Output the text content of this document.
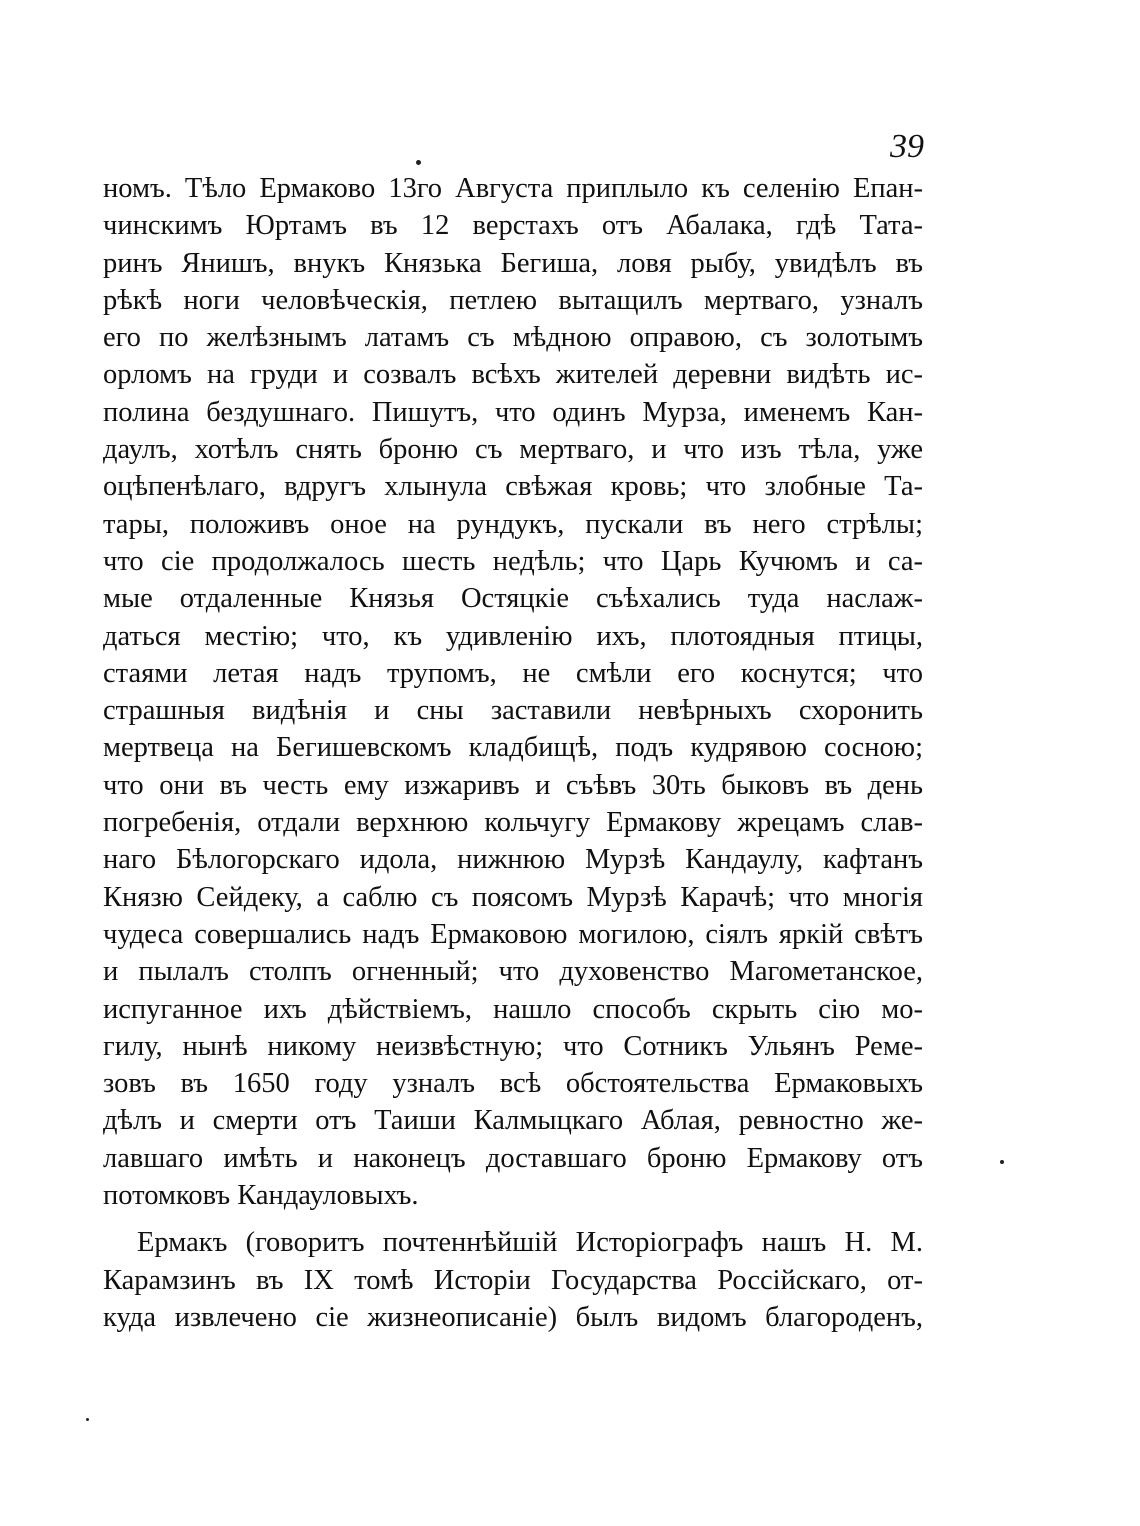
39
номъ. Тѣло Ермаково 13го Августа приплыло къ селенію Епан-
чинскимъ Юртамъ въ 12 верстахъ отъ Абалака, гдѣ Тата-
ринъ Янишъ, внукъ Князька Бегиша, ловя рыбу, увидѣлъ въ
рѣкѣ ноги человѣческія, петлею вытащилъ мертваго, узналъ
его по желѣзнымъ латамъ съ мѣдною оправою, съ золотымъ
орломъ на груди и созвалъ всѣхъ жителей деревни видѣть ис-
полина бездушнаго. Пишутъ, что одинъ Мурза, именемъ Кан-
даулъ, хотѣлъ снять броню съ мертваго, и что изъ тѣла, уже
оцѣпенѣлаго, вдругъ хлынула свѣжая кровь; что злобные Та-
тары, положивъ оное на рундукъ, пускали въ него стрѣлы;
что сіе продолжалось шесть недѣль; что Царь Кучюмъ и са-
мые отдаленные Князья Остяцкіе съѣхались туда наслаж-
даться местію; что, къ удивленію ихъ, плотоядныя птицы,
стаями летая надъ трупомъ, не смѣли его коснутся; что
страшныя видѣнія и сны заставили невѣрныхъ схоронить
мертвеца на Бегишевскомъ кладбищѣ, подъ кудрявою сосною;
что они въ честь ему изжаривъ и съѣвъ 30ть быковъ въ день
погребенія, отдали верхнюю кольчугу Ермакову жрецамъ слав-
наго Бѣлогорскаго идола, нижнюю Мурзѣ Кандаулу, кафтанъ
Князю Сейдеку, а саблю съ поясомъ Мурзѣ Карачѣ; что многія
чудеса совершались надъ Ермаковою могилою, сіялъ яркій свѣтъ
и пылалъ столпъ огненный; что духовенство Магометанское,
испуганное ихъ дѣйствіемъ, нашло способъ скрыть сію мо-
гилу, нынѣ никому неизвѣстную; что Сотникъ Ульянъ Реме-
зовъ въ 1650 году узналъ всѣ обстоятельства Ермаковыхъ
дѣлъ и смерти отъ Таиши Калмыцкаго Аблая, ревностно же-
лавшаго имѣть и наконецъ доставшаго броню Ермакову отъ
потомковъ Кандауловыхъ.
Ермакъ (говоритъ почтеннѣйшій Исторіографъ нашъ Н. М.
Карамзинъ въ IX томѣ Исторіи Государства Россійскаго, от-
куда извлечено сіе жизнеописаніе) былъ видомъ благороденъ,
